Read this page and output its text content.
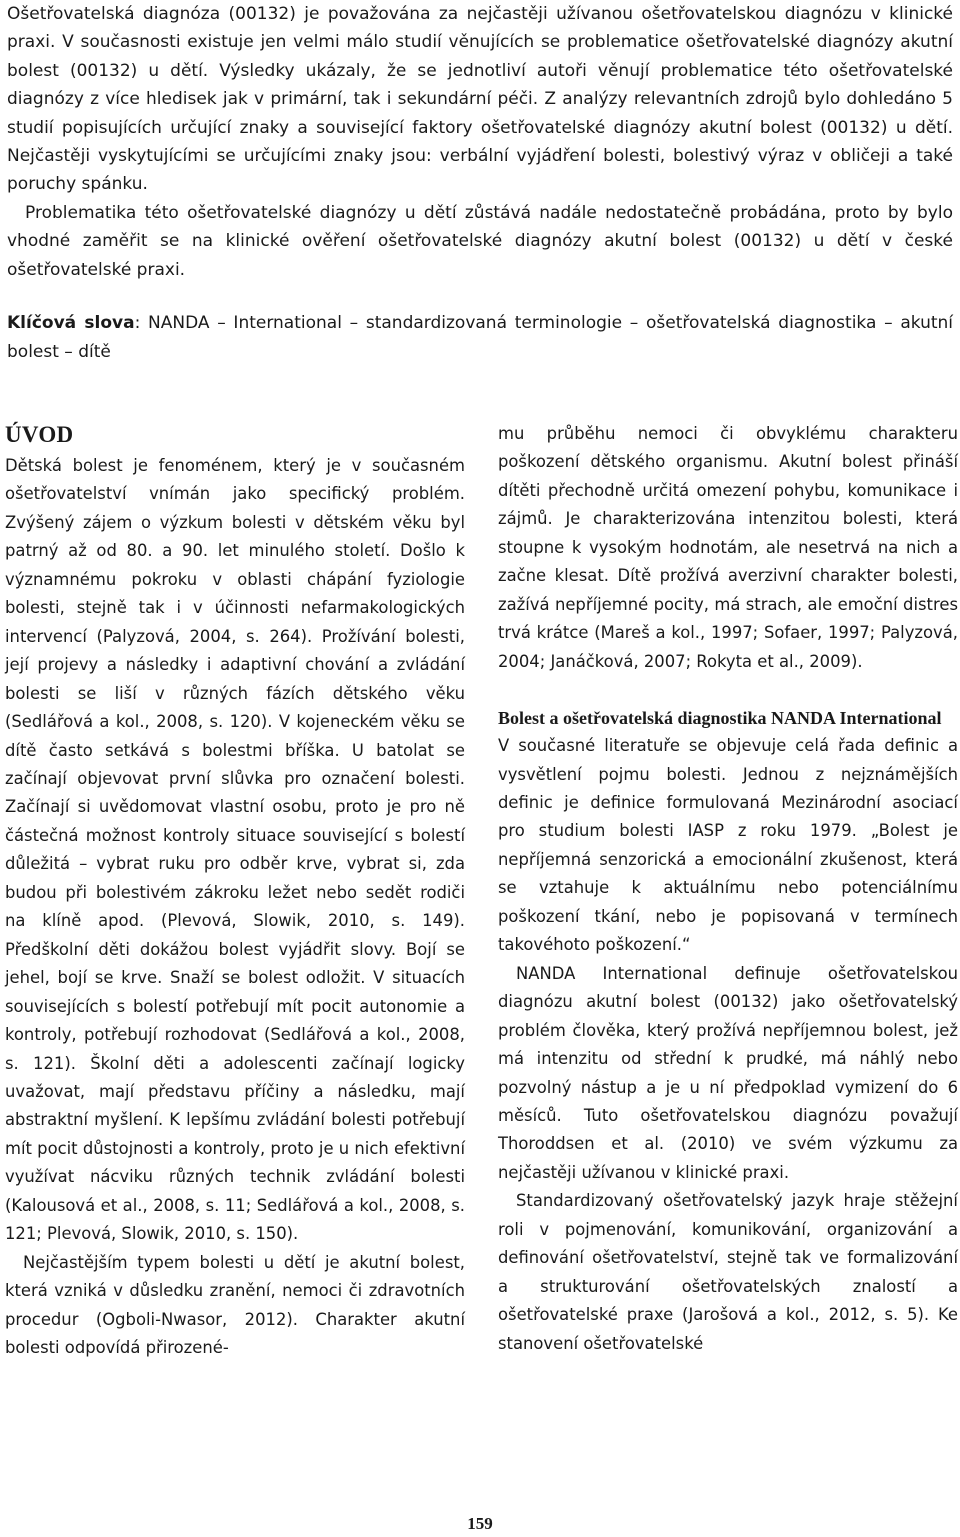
Ošetřovatelská diagnóza (00132) je považována za nejčastěji užívanou ošetřovatelskou diagnózu v klinické praxi. V současnosti existuje jen velmi málo studií věnujících se problematice ošetřovatelské diagnózy akutní bolest (00132) u dětí. Výsledky ukázaly, že se jednotliví autoři věnují problematice této ošetřovatelské diagnózy z více hledisek jak v primární, tak i sekundární péči. Z analýzy relevantních zdrojů bylo dohledáno 5 studií popisujících určující znaky a související faktory ošetřovatelské diagnózy akutní bolest (00132) u dětí. Nejčastěji vyskytujícími se určujícími znaky jsou: verbální vyjádření bolesti, bolestivý výraz v obličeji a také poruchy spánku.

Problematika této ošetřovatelské diagnózy u dětí zůstává nadále nedostatečně probádána, proto by bylo vhodné zaměřit se na klinické ověření ošetřovatelské diagnózy akutní bolest (00132) u dětí v české ošetřovatelské praxi.

Klíčová slova: NANDA – International – standardizovaná terminologie – ošetřovatelská diagnostika – akutní bolest – dítě
ÚVOD

Dětská bolest je fenoménem, který je v současném ošetřovatelství vnímán jako specifický problém. Zvýšený zájem o výzkum bolesti v dětském věku byl patrný až od 80. a 90. let minulého století. Došlo k významnému pokroku v oblasti chápání fyziologie bolesti, stejně tak i v účinnosti nefarmakologických intervencí (Palyzová, 2004, s. 264). Prožívání bolesti, její projevy a následky i adaptivní chování a zvládání bolesti se liší v různých fázích dětského věku (Sedlářová a kol., 2008, s. 120). V kojeneckém věku se dítě často setkává s bolestmi bříška. U batolat se začínají objevovat první slůvka pro označení bolesti. Začínají si uvědomovat vlastní osobu, proto je pro ně částečná možnost kontroly situace související s bolestí důležitá – vybrat ruku pro odběr krve, vybrat si, zda budou při bolestivém zákroku ležet nebo sedět rodiči na klíně apod. (Plevová, Slowik, 2010, s. 149). Předškolní děti dokážou bolest vyjádřit slovy. Bojí se jehel, bojí se krve. Snaží se bolest odložit. V situacích souvisejících s bolestí potřebují mít pocit autonomie a kontroly, potřebují rozhodovat (Sedlářová a kol., 2008, s. 121). Školní děti a adolescenti začínají logicky uvažovat, mají představu příčiny a následku, mají abstraktní myšlení. K lepšímu zvládání bolesti potřebují mít pocit důstojnosti a kontroly, proto je u nich efektivní využívat nácviku různých technik zvládání bolesti (Kalousová et al., 2008, s. 11; Sedlářová a kol., 2008, s. 121; Plevová, Slowik, 2010, s. 150).

Nejčastějším typem bolesti u dětí je akutní bolest, která vzniká v důsledku zranění, nemoci či zdravotních procedur (Ogboli-Nwasor, 2012). Charakter akutní bolesti odpovídá přirozené-

mu průběhu nemoci či obvyklému charakteru poškození dětského organismu. Akutní bolest přináší dítěti přechodně určitá omezení pohybu, komunikace i zájmů. Je charakterizována intenzitou bolesti, která stoupne k vysokým hodnotám, ale nesetrvá na nich a začne klesat. Dítě prožívá averzivní charakter bolesti, zažívá nepříjemné pocity, má strach, ale emoční distres trvá krátce (Mareš a kol., 1997; Sofaer, 1997; Palyzová, 2004; Janáčková, 2007; Rokyta et al., 2009).

Bolest a ošetřovatelská diagnostika NANDA International

V současné literatuře se objevuje celá řada definic a vysvětlení pojmu bolesti. Jednou z nejznámějších definic je definice formulovaná Mezinárodní asociací pro studium bolesti IASP z roku 1979. „Bolest je nepříjemná senzorická a emocionální zkušenost, která se vztahuje k aktuálnímu nebo potenciálnímu poškození tkání, nebo je popisovaná v termínech takovéhoto poškození.“

NANDA International definuje ošetřovatelskou diagnózu akutní bolest (00132) jako ošetřovatelský problém člověka, který prožívá nepříjemnou bolest, jež má intenzitu od střední k prudké, má náhlý nebo pozvolný nástup a je u ní předpoklad vymizení do 6 měsíců. Tuto ošetřovatelskou diagnózu považují Thoroddsen et al. (2010) ve svém výzkumu za nejčastěji užívanou v klinické praxi.

Standardizovaný ošetřovatelský jazyk hraje stěžejní roli v pojmenování, komunikování, organizování a definování ošetřovatelství, stejně tak ve formalizování a strukturování ošetřovatelských znalostí a ošetřovatelské praxe (Jarošová a kol., 2012, s. 5). Ke stanovení ošetřovatelské

159
